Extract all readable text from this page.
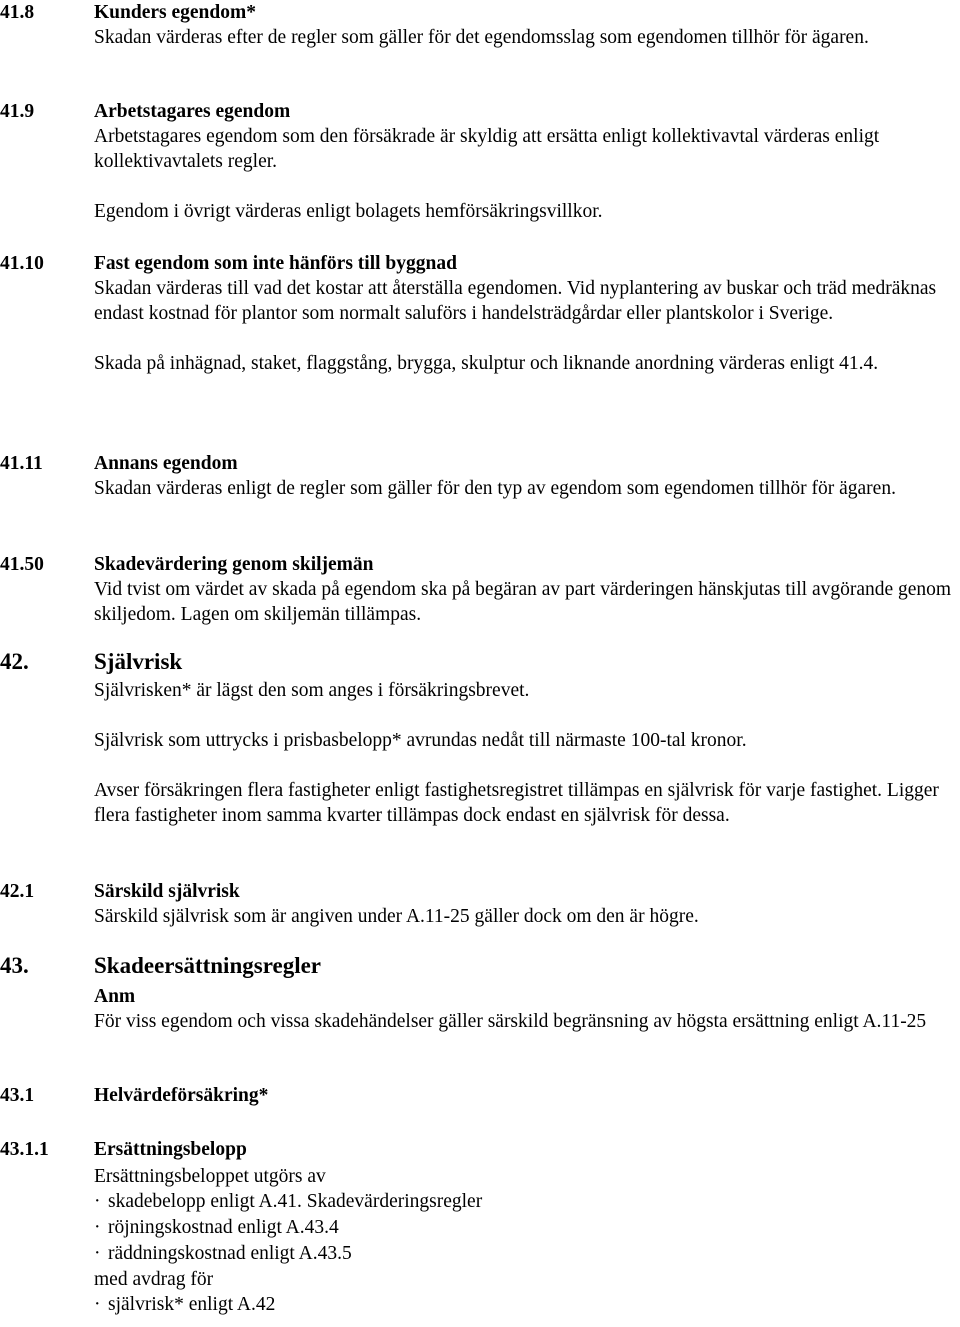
41.8	Kunders egendom*

Skadan värderas efter de regler som gäller för det egendomsslag som egendomen tillhör för ägaren.

41.9	Arbetstagares egendom

Arbetstagares egendom som den försäkrade är skyldig att ersätta enligt kollektivavtal värderas enligt kollektivavtalets regler.

Egendom i övrigt värderas enligt bolagets hemförsäkringsvillkor.

41.10	Fast egendom som inte hänförs till byggnad

Skadan värderas till vad det kostar att återställa egendomen. Vid nyplantering av buskar och träd medräknas endast kostnad för plantor som normalt saluförs i handelsträdgårdar eller plantskolor i Sverige.

Skada på inhägnad, staket, flaggstång, brygga, skulptur och liknande anordning värderas enligt 41.4.

41.11	Annans egendom

Skadan värderas enligt de regler som gäller för den typ av egendom som egendomen tillhör för ägaren.

41.50	Skadevärdering genom skiljemän

Vid tvist om värdet av skada på egendom ska på begäran av part värderingen hänskjutas till avgörande genom skiljedom. Lagen om skiljemän tillämpas.

42.	Självrisk

Självrisken* är lägst den som anges i försäkringsbrevet.

Självrisk som uttrycks i prisbasbelopp* avrundas nedåt till närmaste 100-tal kronor.

Avser försäkringen flera fastigheter enligt fastighetsregistret tillämpas en självrisk för varje fastighet. Ligger flera fastigheter inom samma kvarter tillämpas dock endast en självrisk för dessa.

42.1	Särskild självrisk

Särskild självrisk som är angiven under A.11-25 gäller dock om den är högre.

43.	Skadeersättningsregler

Anm

För viss egendom och vissa skadehändelser gäller särskild begränsning av högsta ersättning enligt A.11-25

43.1	Helvärdeförsäkring*
43.1.1 Ersättningsbelopp

Ersättningsbeloppet utgörs av

· skadebelopp enligt A.41. Skadevärderingsregler
· röjningskostnad enligt A.43.4
· räddningskostnad enligt A.43.5

med avdrag för

· självrisk* enligt A.42
